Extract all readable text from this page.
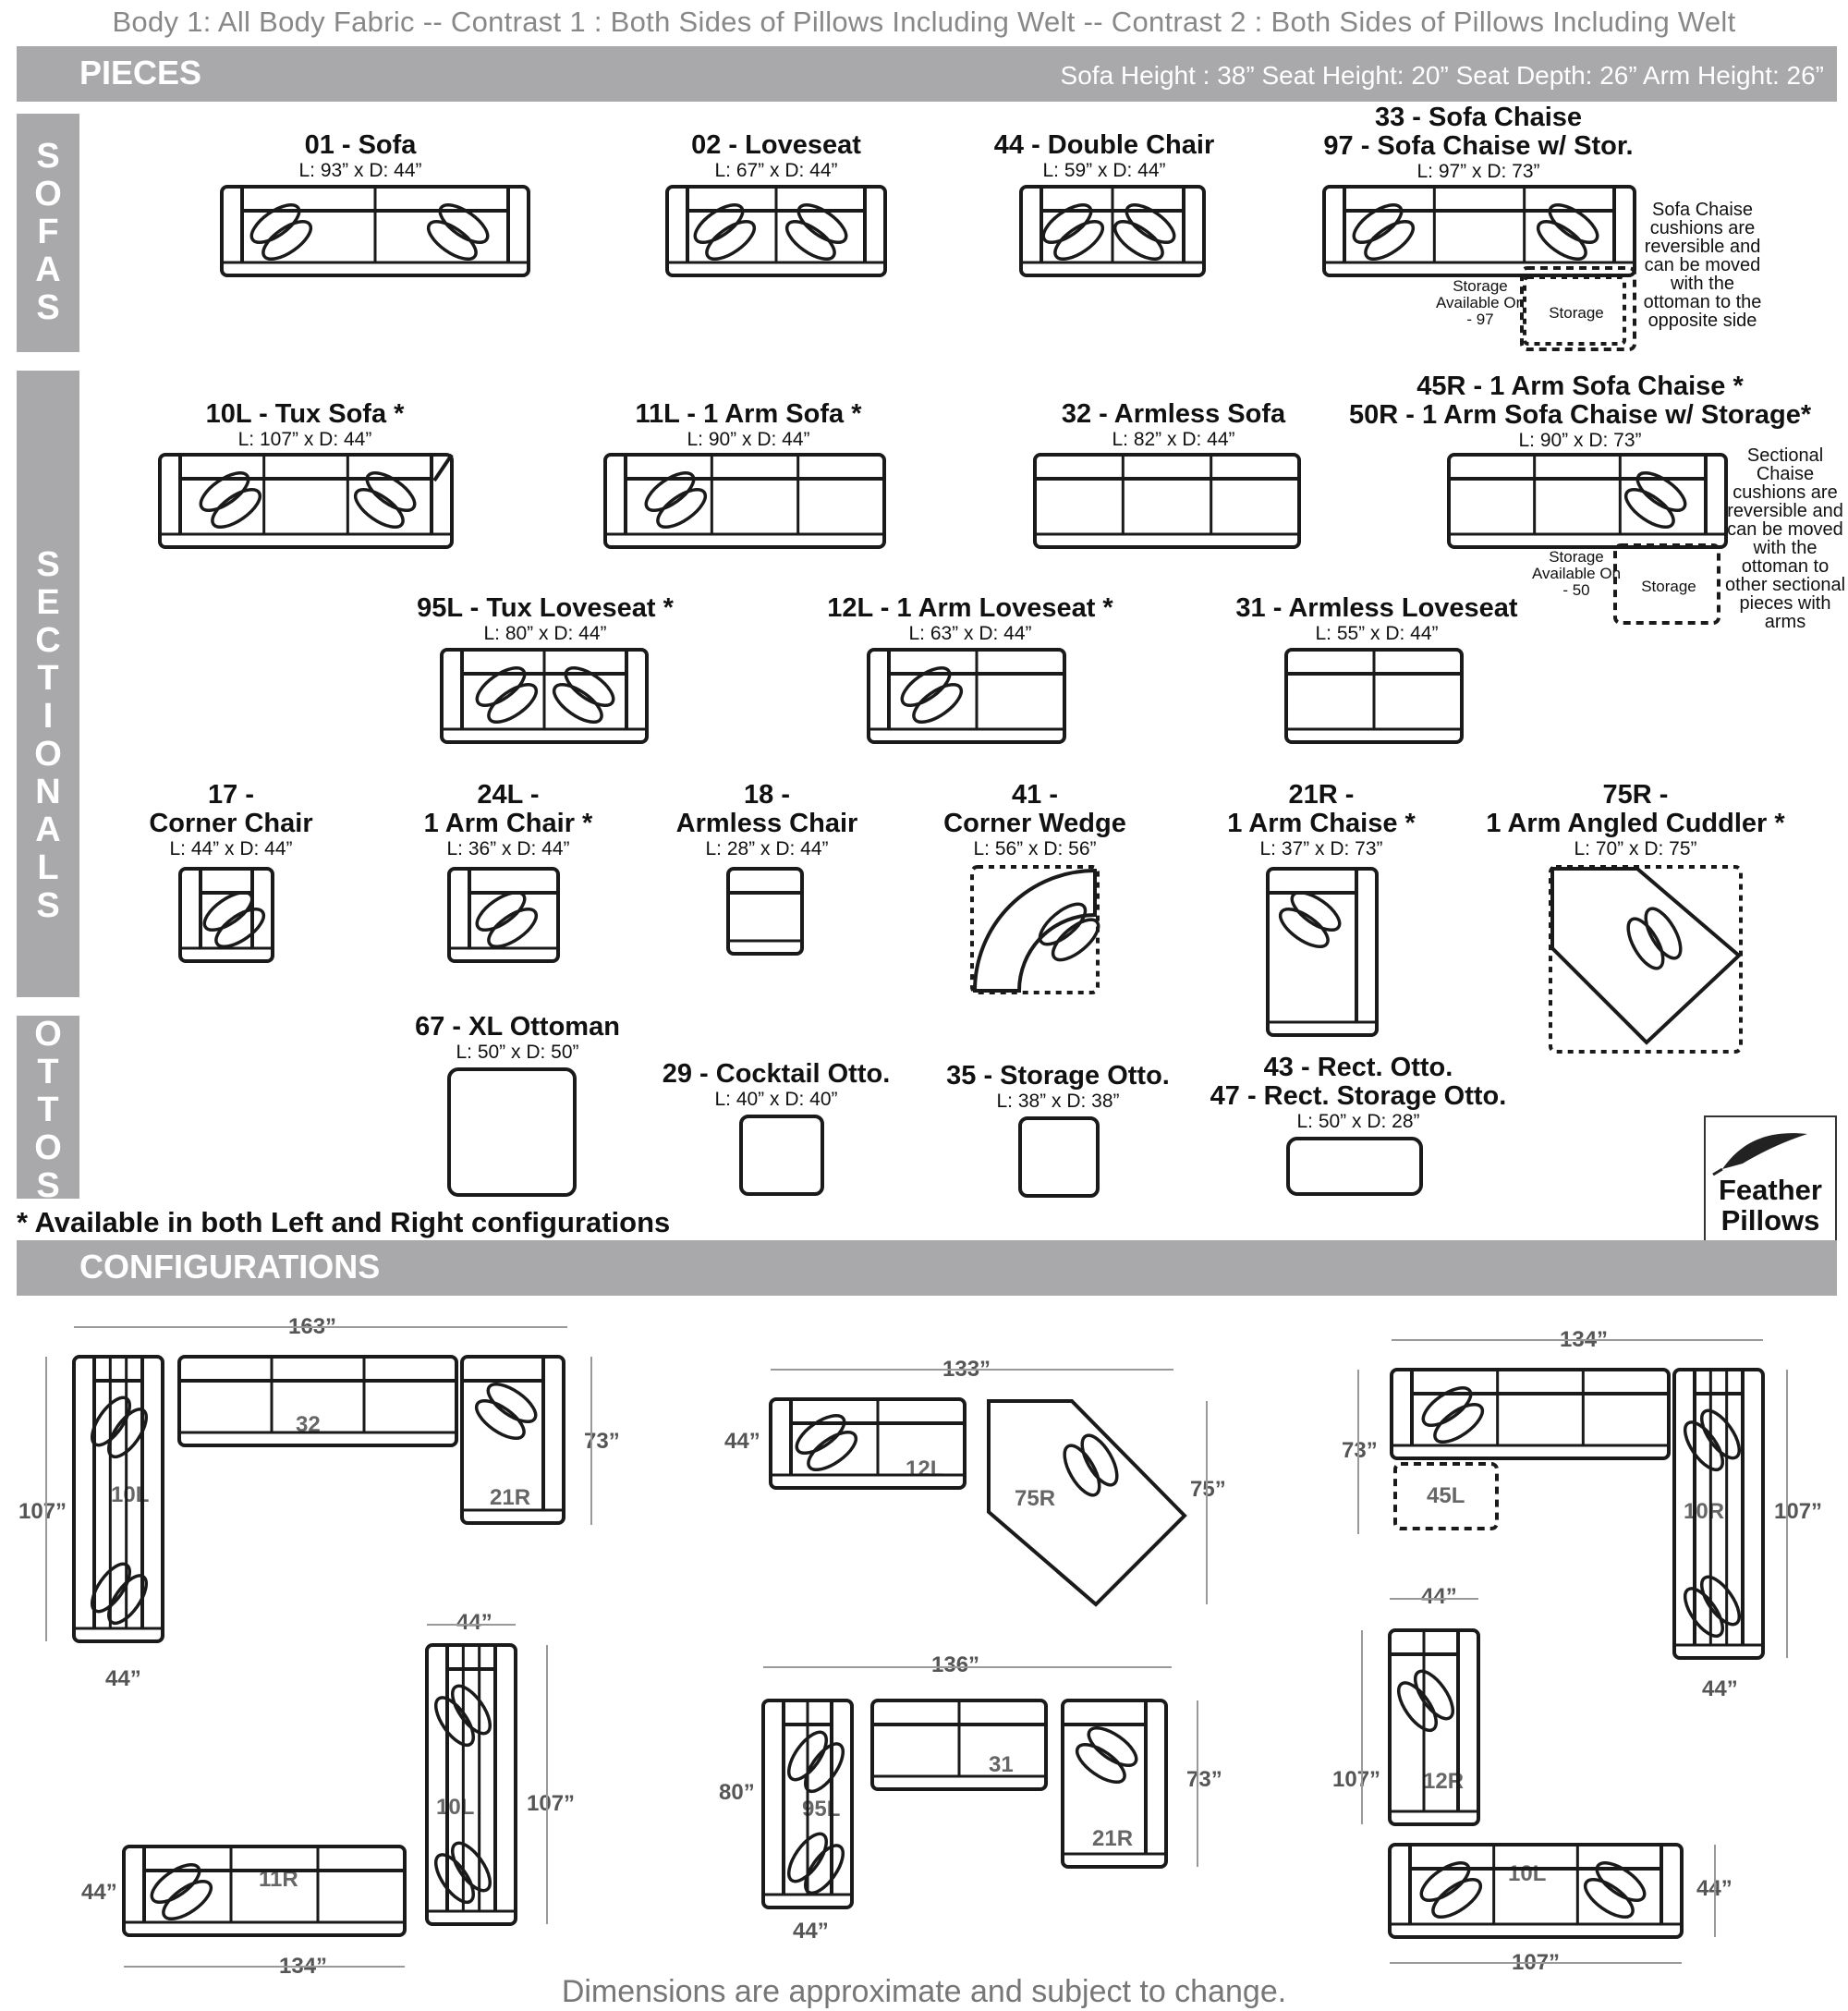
Body 1: All Body Fabric -- Contrast 1 : Both Sides of Pillows Including Welt -- Contrast 2 : Both Sides of Pillows Including Welt
PIECES	Sofa Height : 38” Seat Height: 20” Seat Depth: 26” Arm Height: 26”
S
O
F
A
S
S
E
C
T
I
O
N
A
L
S
O
T
T
O
S
01 - Sofa
L: 93” x D: 44”
02 - Loveseat
L: 67” x D: 44”
44 - Double Chair
L: 59” x D: 44”
33 - Sofa Chaise
97 - Sofa Chaise w/ Stor.
L: 97” x D: 73”
10L - Tux Sofa *
L: 107” x D: 44”
11L - 1 Arm Sofa *
L: 90” x D: 44”
32 - Armless Sofa
L: 82” x D: 44”
45R - 1 Arm Sofa Chaise *
50R - 1 Arm Sofa Chaise w/ Storage*
L: 90” x D: 73”
95L - Tux Loveseat *
L: 80” x D: 44”
12L - 1 Arm Loveseat *
L: 63” x D: 44”
31 - Armless Loveseat
L: 55” x D: 44”
17 -
Corner Chair
L: 44” x D: 44”
24L -
1 Arm Chair *
L: 36” x D: 44”
18 -
Armless Chair
L: 28” x D: 44”
41 -
Corner Wedge
L: 56” x D: 56”
21R -
1 Arm Chaise *
L: 37” x D: 73”
75R -
1 Arm Angled Cuddler *
L: 70” x D: 75”
67 - XL Ottoman
L: 50” x D: 50”
29 - Cocktail Otto.
L: 40” x D: 40”
35 - Storage Otto.
L: 38” x D: 38”
43 - Rect. Otto.
47 - Rect. Storage Otto.
L: 50” x D: 28”
Sofa Chaise cushions are reversible and can be moved with the ottoman to the opposite side
Storage Available On - 97	Storage
Sectional Chaise cushions are reversible and can be moved with the ottoman to other sectional pieces with arms
Storage Available On - 50	Storage
Feather Pillows
* Available in both Left and Right configurations
CONFIGURATIONS
32
10L	21R
163”
73”
107”
44”
12L
75R
133”
44”
75”	45L
10R
134”
73”
107”
44”
10L
11R
44”
107”
44”
134”
31
95L
21R
136”
80”
73”
44”
12R
10L
44”
107”
44”
107”
Dimensions are approximate and subject to change.
